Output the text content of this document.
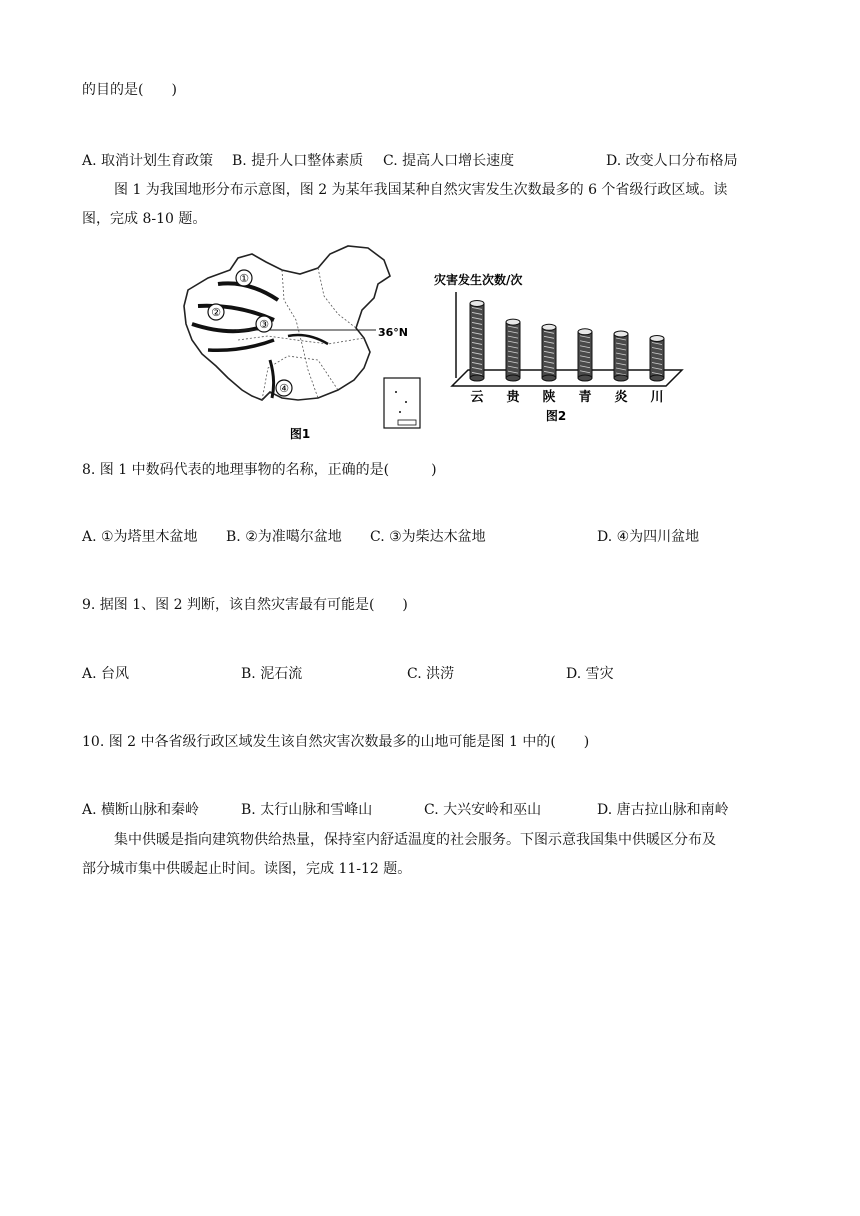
的目的是(　　)
A. 取消计划生育政策 B. 提升人口整体素质 C. 提高人口增长速度	D. 改变人口分布格局
图 1 为我国地形分布示意图，图 2 为某年我国某种自然灾害发生次数最多的 6 个省级行政区域。读
图，完成 8-10 题。
①
②
③
④
36°N
图1
灾害发生次数/次
云 贵 陕 青 炎 川
图2
8. 图 1 中数码代表的地理事物的名称，正确的是(　　　)
A. ①为塔里木盆地 B. ②为准噶尔盆地 C. ③为柴达木盆地	D. ④为四川盆地
9. 据图 1、图 2 判断，该自然灾害最有可能是(　　)
A. 台风	B. 泥石流	C. 洪涝	D. 雪灾
10. 图 2 中各省级行政区域发生该自然灾害次数最多的山地可能是图 1 中的(　　)
A. 横断山脉和秦岭	B. 太行山脉和雪峰山	C. 大兴安岭和巫山	D. 唐古拉山脉和南岭
集中供暖是指向建筑物供给热量，保持室内舒适温度的社会服务。下图示意我国集中供暖区分布及
部分城市集中供暖起止时间。读图，完成 11-12 题。
